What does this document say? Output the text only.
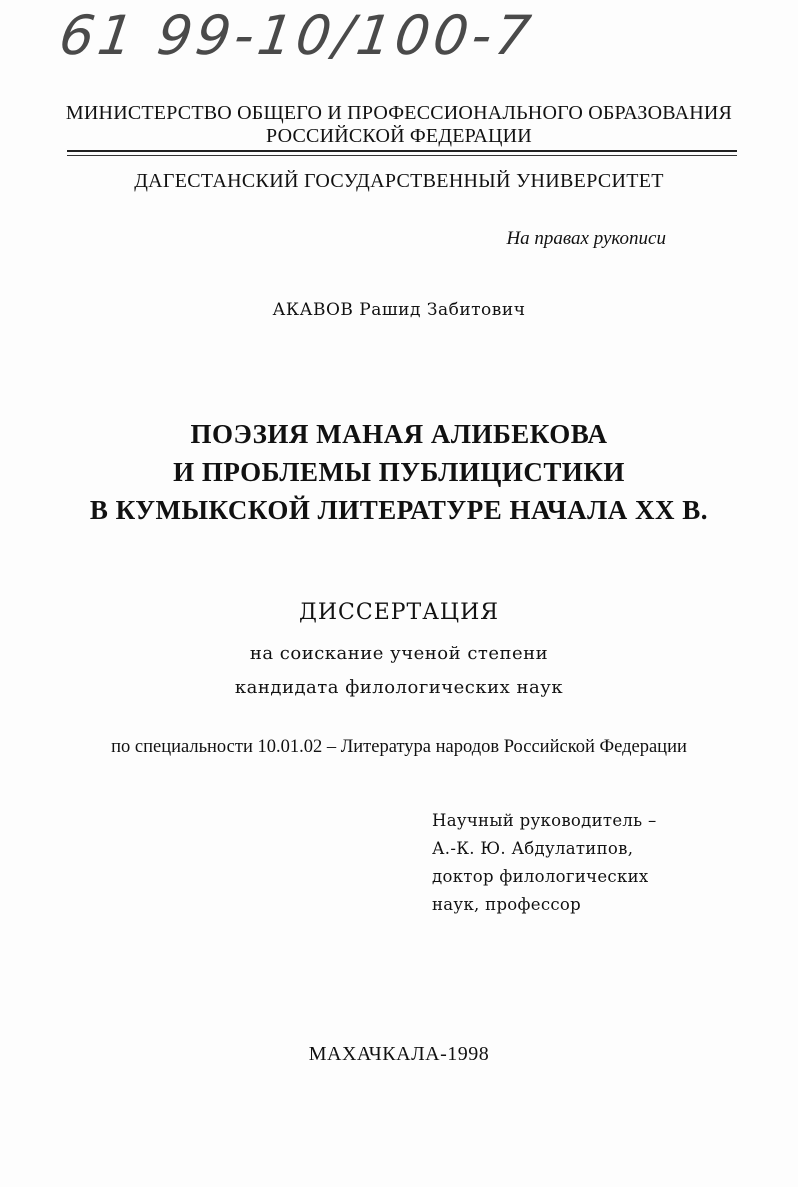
61 99-10/100-7
МИНИСТЕРСТВО ОБЩЕГО И ПРОФЕССИОНАЛЬНОГО ОБРАЗОВАНИЯ
РОССИЙСКОЙ ФЕДЕРАЦИИ
ДАГЕСТАНСКИЙ ГОСУДАРСТВЕННЫЙ УНИВЕРСИТЕТ
На правах рукописи
АКАВОВ Рашид Забитович
ПОЭЗИЯ МАНАЯ АЛИБЕКОВА
И ПРОБЛЕМЫ ПУБЛИЦИСТИКИ
В КУМЫКСКОЙ ЛИТЕРАТУРЕ НАЧАЛА XX В.
ДИССЕРТАЦИЯ
на соискание ученой степени
кандидата филологических наук
по специальности 10.01.02 – Литература народов Российской Федерации
Научный руководитель –
А.-К. Ю. Абдулатипов,
доктор филологических
наук, профессор
МАХАЧКАЛА-1998
